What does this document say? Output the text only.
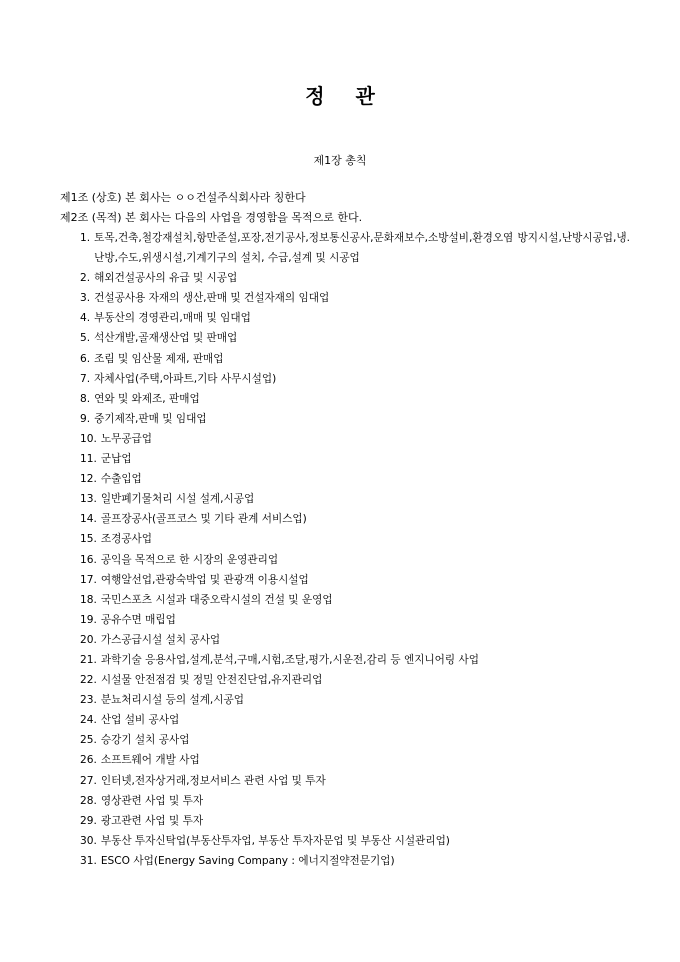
정 관
제1장 총칙
제1조 (상호) 본 회사는 ㅇㅇ건설주식회사라 칭한다
제2조 (목적) 본 회사는 다음의 사업을 경영함을 목적으로 한다.
1. 토목,건축,철강재설치,항만준설,포장,전기공사,정보통신공사,문화재보수,소방설비,환경오염 방지시설,난방시공업,냉.난방,수도,위생시설,기계기구의 설치, 수급,설계 및 시공업
2. 해외건설공사의 유급 및 시공업
3. 건설공사용 자재의 생산,판매 및 건설자재의 임대업
4. 부동산의 경영관리,매매 및 임대업
5. 석산개발,골재생산업 및 판매업
6. 조림 및 임산물 제재, 판매업
7. 자체사업(주택,아파트,기타 사무시설업)
8. 연와 및 와제조, 판매업
9. 중기제작,판매 및 임대업
10. 노무공급업
11. 군납업
12. 수출입업
13. 일반폐기물처리 시설 설계,시공업
14. 골프장공사(골프코스 및 기타 관계 서비스업)
15. 조경공사업
16. 공익을 목적으로 한 시장의 운영관리업
17. 여행알선업,관광숙박업 및 관광객 이용시설업
18. 국민스포츠 시설과 대중오락시설의 건설 및 운영업
19. 공유수면 매립업
20. 가스공급시설 설치 공사업
21. 과학기술 응용사업,설계,분석,구매,시험,조달,평가,시운전,감리 등 엔지니어링 사업
22. 시설물 안전점검 및 정밀 안전진단업,유지관리업
23. 분뇨처리시설 등의 설계,시공업
24. 산업 설비 공사업
25. 승강기 설치 공사업
26. 소프트웨어 개발 사업
27. 인터넷,전자상거래,정보서비스 관련 사업 및 투자
28. 영상관련 사업 및 투자
29. 광고관련 사업 및 투자
30. 부동산 투자신탁업(부동산투자업, 부동산 투자자문업 및 부동산 시설관리업)
31. ESCO 사업(Energy Saving Company : 에너지절약전문기업)
